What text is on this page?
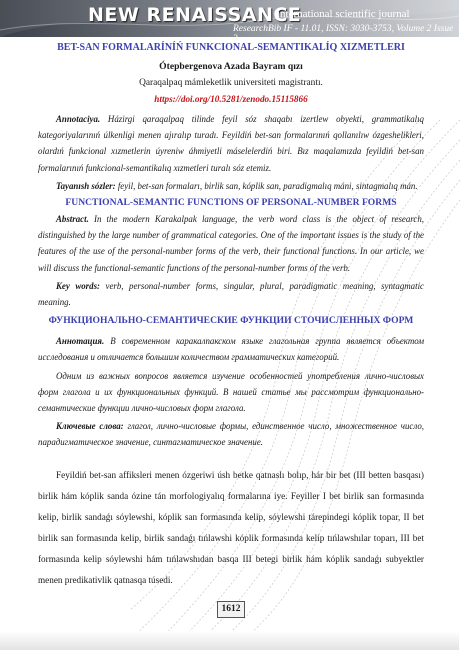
NEW RENAISSANCE
international scientific journal
ResearchBib IF - 11.01, ISSN: 3030-3753, Volume 2 Issue 3
BET-SAN FORMALARÍNÍŃ FUNKCIONAL-SEMANTIKALÍQ XIZMETLERI
Ótepbergenova Azada Bayram qızı
Qaraqalpaq mámleketlik universiteti magistrantı.
https://doi.org/10.5281/zenodo.15115866

Annotaciya. Házirgi qaraqalpaq tilinde feyil sóz shaqabı izertlew obyekti, grammatikalıq kategoriyalarınıń úlkenligi menen ajıralıp turadı. Feyildiń bet-san formalarınıń qollanılıw ózgeshelikleri, olardıń funkcional xızmetlerin úyreniw áhmiyetli máselelerdiń biri. Bız maqalamızda feyildiń bet-san formalarınıń funkcional-semantikalıq xızmetleri turalı sóz etemiz.

Tayanısh sózler: feyil, bet-san formaları, birlik san, kóplik san, paradigmalıq máni, sintagmalıq mán.

FUNCTIONAL-SEMANTIC FUNCTIONS OF PERSONAL-NUMBER FORMS

Abstract. In the modern Karakalpak language, the verb word class is the object of research, distinguished by the large number of grammatical categories. One of the important issues is the study of the features of the use of the personal-number forms of the verb, their functional functions. In our article, we will discuss the functional-semantic functions of the personal-number forms of the verb.

Key words: verb, personal-number forms, singular, plural, paradigmatic meaning, syntagmatic meaning.

ФУНКЦИОНАЛЬНО-СЕМАНТИЧЕСКИЕ ФУНКЦИИ СТОЧИСЛЕННЫХ ФОРМ

Аннотация. В современном каракалпакском языке глагольная группа является объектом исследования и отличается большим количеством грамматических категорий.

Одним из важных вопросов является изучение особенностей употребления лично-числовых форм глагола и их функциональных функций. В нашей статье мы рассмотрим функционально-семантические функции лично-числовых форм глагола.

Ключевые слова: глагол, лично-числовые формы, единственное число, множественное число, парадигматическое значение, синтагматическое значение.

Feyildiń bet-san affiksleri menen ózgeriwi úsh betke qatnaslı bolıp, hár bir bet (III betten basqası) birlik hám kóplik sanda ózine tán morfologiyalıq formalarına iye. Feyiller I bet birlik san formasında kelip, birlik sandaǵı sóylewshi, kóplik san formasında kelip, sóylewshi tárepindegi kóplik topar, II bet birlik san formasında kelip, birlik sandaǵı tıńlawshi kóplik formasında kelip tıńlawshılar toparı, III bet formasında kelip sóylewshi hám tıńlawshıdan basqa III betegi birlik hám kóplik sandaǵı subyektler menen predikativlik qatnasqa túsedi.

1612
